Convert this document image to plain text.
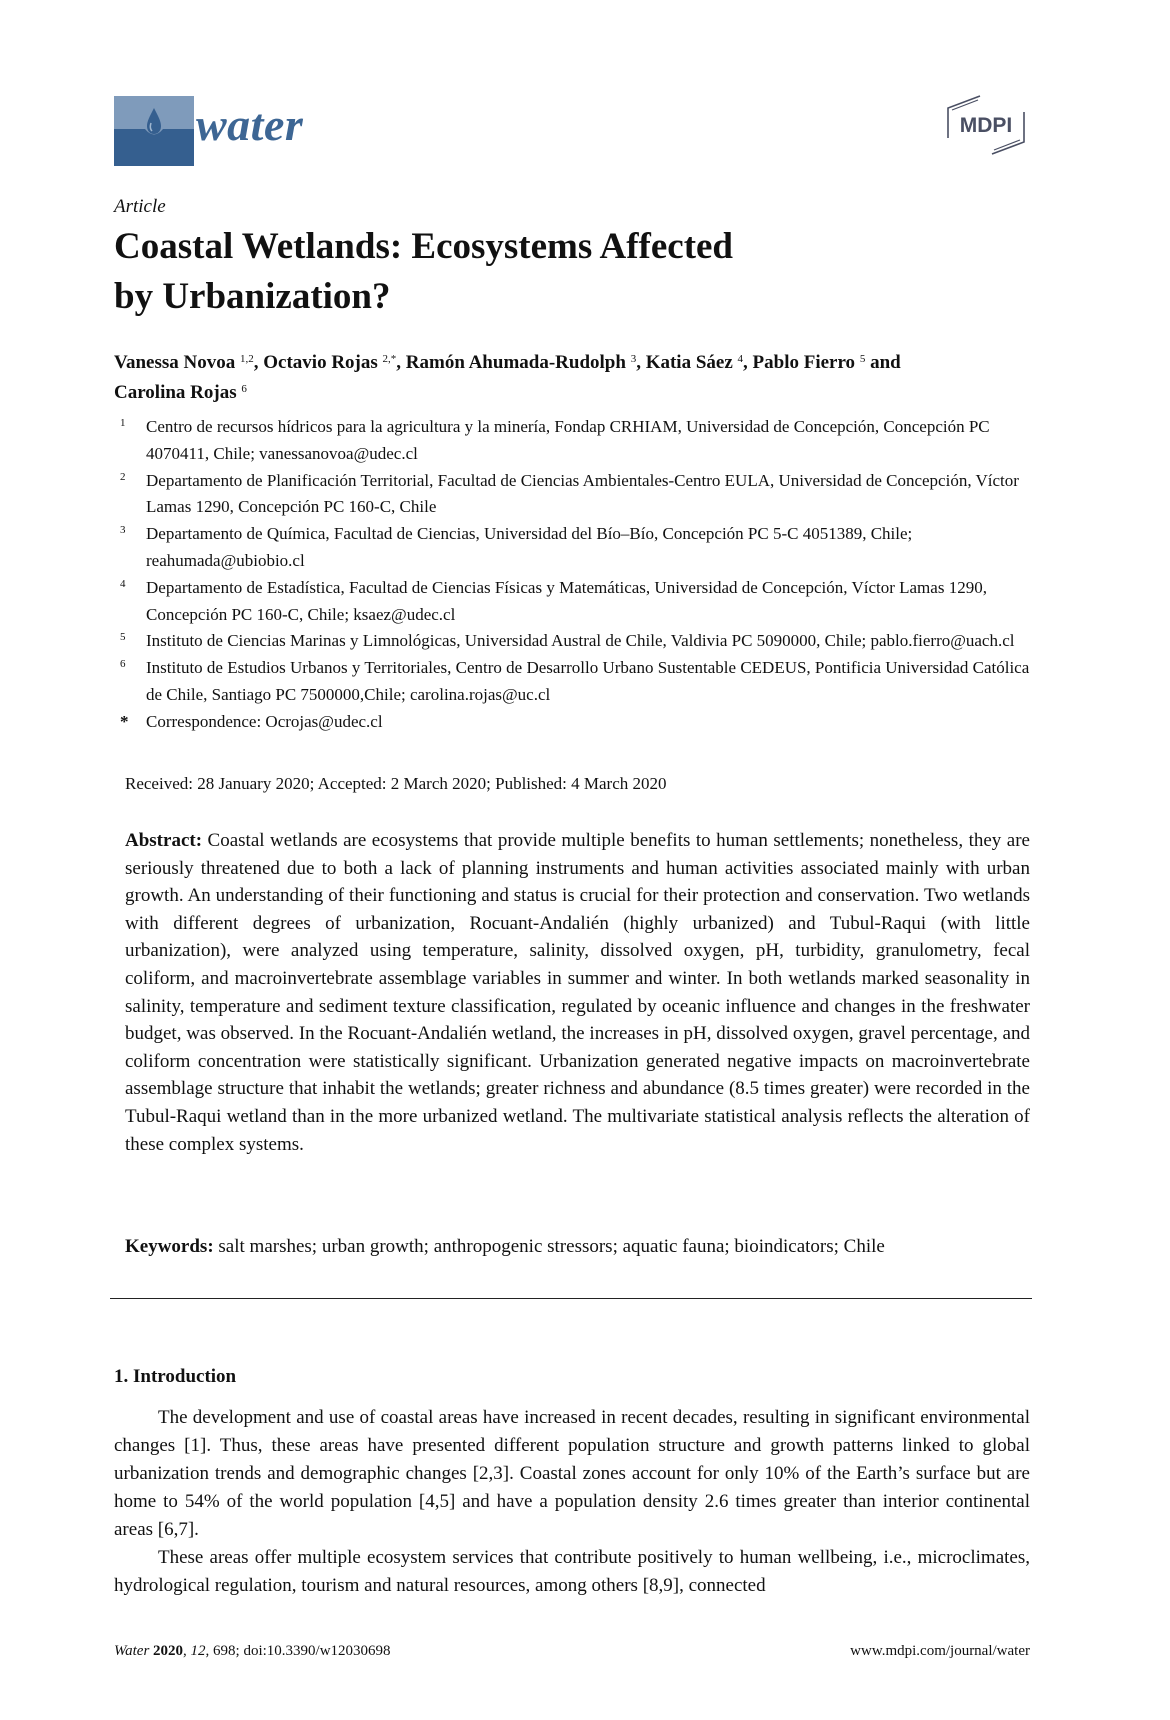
water	MDPI
Article
Coastal Wetlands: Ecosystems Affected
by Urbanization?
Vanessa Novoa $^{1,2}$, Octavio Rojas $^{2,*}$, Ramón Ahumada-Rudolph $^3$, Katia Sáez $^4$, Pablo Fierro $^5$ and
Carolina Rojas $^6$
1 Centro de recursos hídricos para la agricultura y la minería, Fondap CRHIAM, Universidad de Concepción, Concepción PC 4070411, Chile; vanessanovoa@udec.cl
2 Departamento de Planificación Territorial, Facultad de Ciencias Ambientales-Centro EULA, Universidad de Concepción, Víctor Lamas 1290, Concepción PC 160-C, Chile
3 Departamento de Química, Facultad de Ciencias, Universidad del Bío–Bío, Concepción PC 5-C 4051389, Chile; reahumada@ubiobio.cl
4 Departamento de Estadística, Facultad de Ciencias Físicas y Matemáticas, Universidad de Concepción, Víctor Lamas 1290, Concepción PC 160-C, Chile; ksaez@udec.cl
5 Instituto de Ciencias Marinas y Limnológicas, Universidad Austral de Chile, Valdivia PC 5090000, Chile; pablo.fierro@uach.cl
6 Instituto de Estudios Urbanos y Territoriales, Centro de Desarrollo Urbano Sustentable CEDEUS, Pontificia Universidad Católica de Chile, Santiago PC 7500000,Chile; carolina.rojas@uc.cl
* Correspondence: Ocrojas@udec.cl
Received: 28 January 2020; Accepted: 2 March 2020; Published: 4 March 2020
Abstract: Coastal wetlands are ecosystems that provide multiple benefits to human settlements; nonetheless, they are seriously threatened due to both a lack of planning instruments and human activities associated mainly with urban growth. An understanding of their functioning and status is crucial for their protection and conservation. Two wetlands with different degrees of urbanization, Rocuant-Andalién (highly urbanized) and Tubul-Raqui (with little urbanization), were analyzed using temperature, salinity, dissolved oxygen, pH, turbidity, granulometry, fecal coliform, and macroinvertebrate assemblage variables in summer and winter. In both wetlands marked seasonality in salinity, temperature and sediment texture classification, regulated by oceanic influence and changes in the freshwater budget, was observed. In the Rocuant-Andalién wetland, the increases in pH, dissolved oxygen, gravel percentage, and coliform concentration were statistically significant. Urbanization generated negative impacts on macroinvertebrate assemblage structure that inhabit the wetlands; greater richness and abundance (8.5 times greater) were recorded in the Tubul-Raqui wetland than in the more urbanized wetland. The multivariate statistical analysis reflects the alteration of these complex systems.
Keywords: salt marshes; urban growth; anthropogenic stressors; aquatic fauna; bioindicators; Chile
1. Introduction

The development and use of coastal areas have increased in recent decades, resulting in significant environmental changes [1]. Thus, these areas have presented different population structure and growth patterns linked to global urbanization trends and demographic changes [2,3]. Coastal zones account for only 10% of the Earth’s surface but are home to 54% of the world population [4,5] and have a population density 2.6 times greater than interior continental areas [6,7].

These areas offer multiple ecosystem services that contribute positively to human wellbeing, i.e., microclimates, hydrological regulation, tourism and natural resources, among others [8,9], connected

Water 2020, 12, 698; doi:10.3390/w12030698	www.mdpi.com/journal/water
